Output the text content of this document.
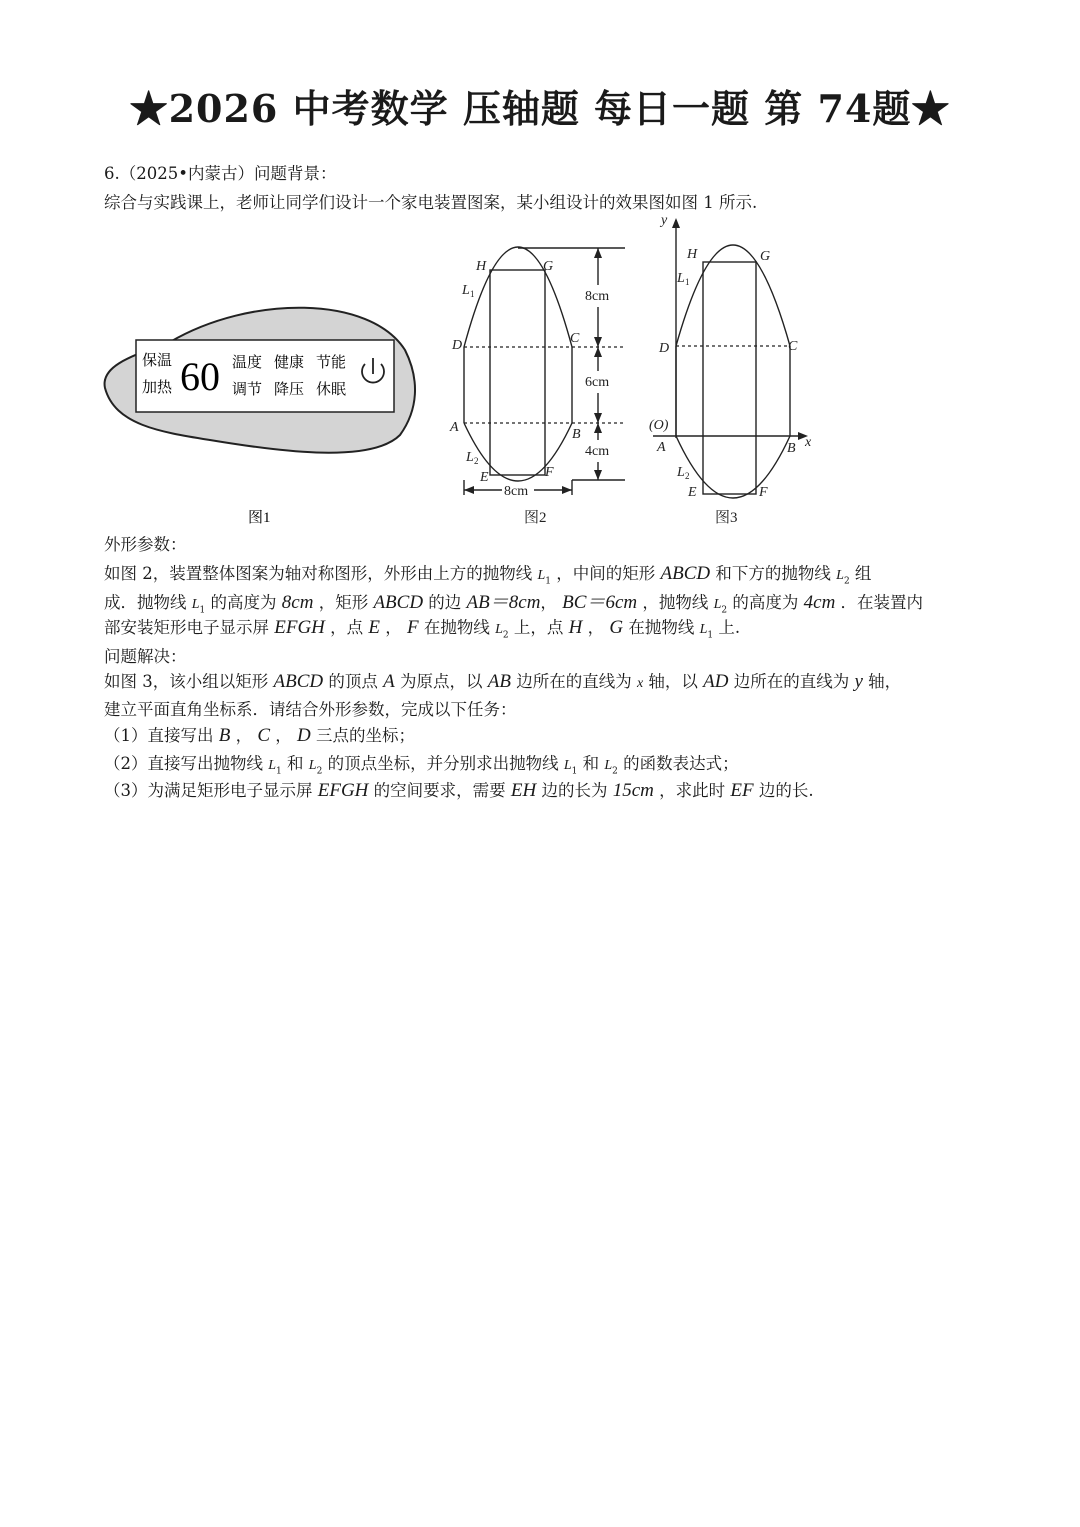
★2026 中考数学 压轴题 每日一题 第 74题★
6.（2025•内蒙古）问题背景：
综合与实践课上，老师让同学们设计一个家电装置图案，某小组设计的效果图如图 1 所示.
保温
加热 60 温度
调节
健康
降压
节能
休眠
图1
H	G
L
D	C
A	B
L
E	F
1
2
8cm
6cm
4cm
8cm
图2
y
x
H	G
L
D	C
(O)
A	B
L
E	F
1
2
图3
外形参数：
如图 2，装置整体图案为轴对称图形，外形由上方的抛物线 $L_1$ ，中间的矩形 ABCD 和下方的抛物线 $L_2$ 组
成．抛物线 $L_1$ 的高度为 8cm ，矩形 ABCD 的边 AB＝8cm， BC＝6cm ，抛物线 $L_2$ 的高度为 4cm ．在装置内
部安装矩形电子显示屏 EFGH ，点 E ， F 在抛物线 $L_2$ 上，点 H ， G 在抛物线 $L_1$ 上.
问题解决：
如图 3，该小组以矩形 ABCD 的顶点 A 为原点，以 AB 边所在的直线为 x 轴，以 AD 边所在的直线为 y 轴，
建立平面直角坐标系．请结合外形参数，完成以下任务：
（1）直接写出 B ， C ， D 三点的坐标；
（2）直接写出抛物线 $L_1$ 和 $L_2$ 的顶点坐标，并分别求出抛物线 $L_1$ 和 $L_2$ 的函数表达式；
（3）为满足矩形电子显示屏 EFGH 的空间要求，需要 EH 边的长为 15cm ，求此时 EF 边的长.
